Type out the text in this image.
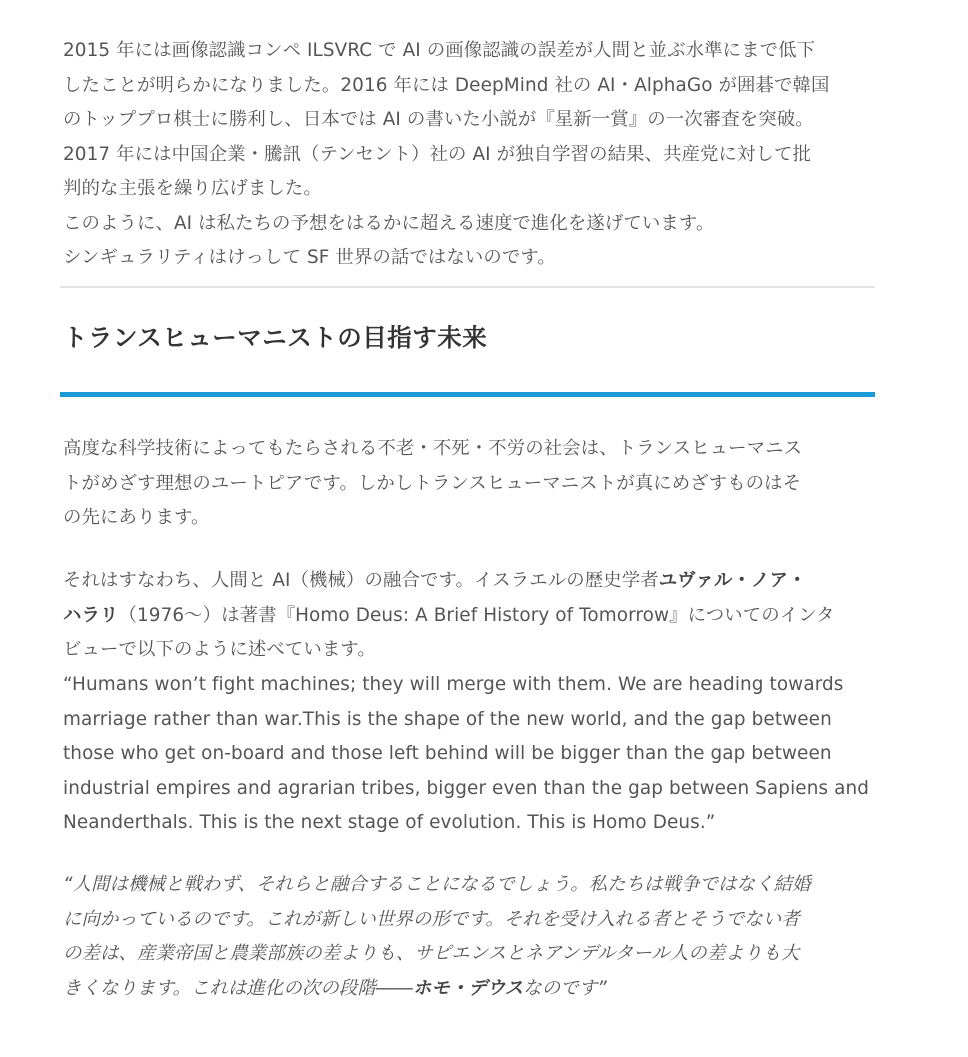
2015 年には画像認識コンペ ILSVRC で AI の画像認識の誤差が人間と並ぶ水準にまで低下
したことが明らかになりました。2016 年には DeepMind 社の AI・AlphaGo が囲碁で韓国
のトッププロ棋士に勝利し、日本では AI の書いた小説が『星新一賞』の一次審査を突破。
2017 年には中国企業・騰訊（テンセント）社の AI が独自学習の結果、共産党に対して批
判的な主張を繰り広げました。
このように、AI は私たちの予想をはるかに超える速度で進化を遂げています。
シンギュラリティはけっして SF 世界の話ではないのです。

トランスヒューマニストの目指す未来

高度な科学技術によってもたらされる不老・不死・不労の社会は、トランスヒューマニス
トがめざす理想のユートピアです。しかしトランスヒューマニストが真にめざすものはそ
の先にあります。

それはすなわち、人間と AI（機械）の融合です。イスラエルの歴史学者ユヴァル・ノア・
ハラリ（1976～）は著書『Homo Deus: A Brief History of Tomorrow』についてのインタ
ビューで以下のように述べています。

“Humans won’t fight machines; they will merge with them. We are heading towards
marriage rather than war.This is the shape of the new world, and the gap between
those who get on-board and those left behind will be bigger than the gap between
industrial empires and agrarian tribes, bigger even than the gap between Sapiens and
Neanderthals. This is the next stage of evolution. This is Homo Deus.”

“人間は機械と戦わず、それらと融合することになるでしょう。私たちは戦争ではなく結婚
に向かっているのです。これが新しい世界の形です。それを受け入れる者とそうでない者
の差は、産業帝国と農業部族の差よりも、サピエンスとネアンデルタール人の差よりも大
きくなります。これは進化の次の段階――ホモ・デウスなのです”
